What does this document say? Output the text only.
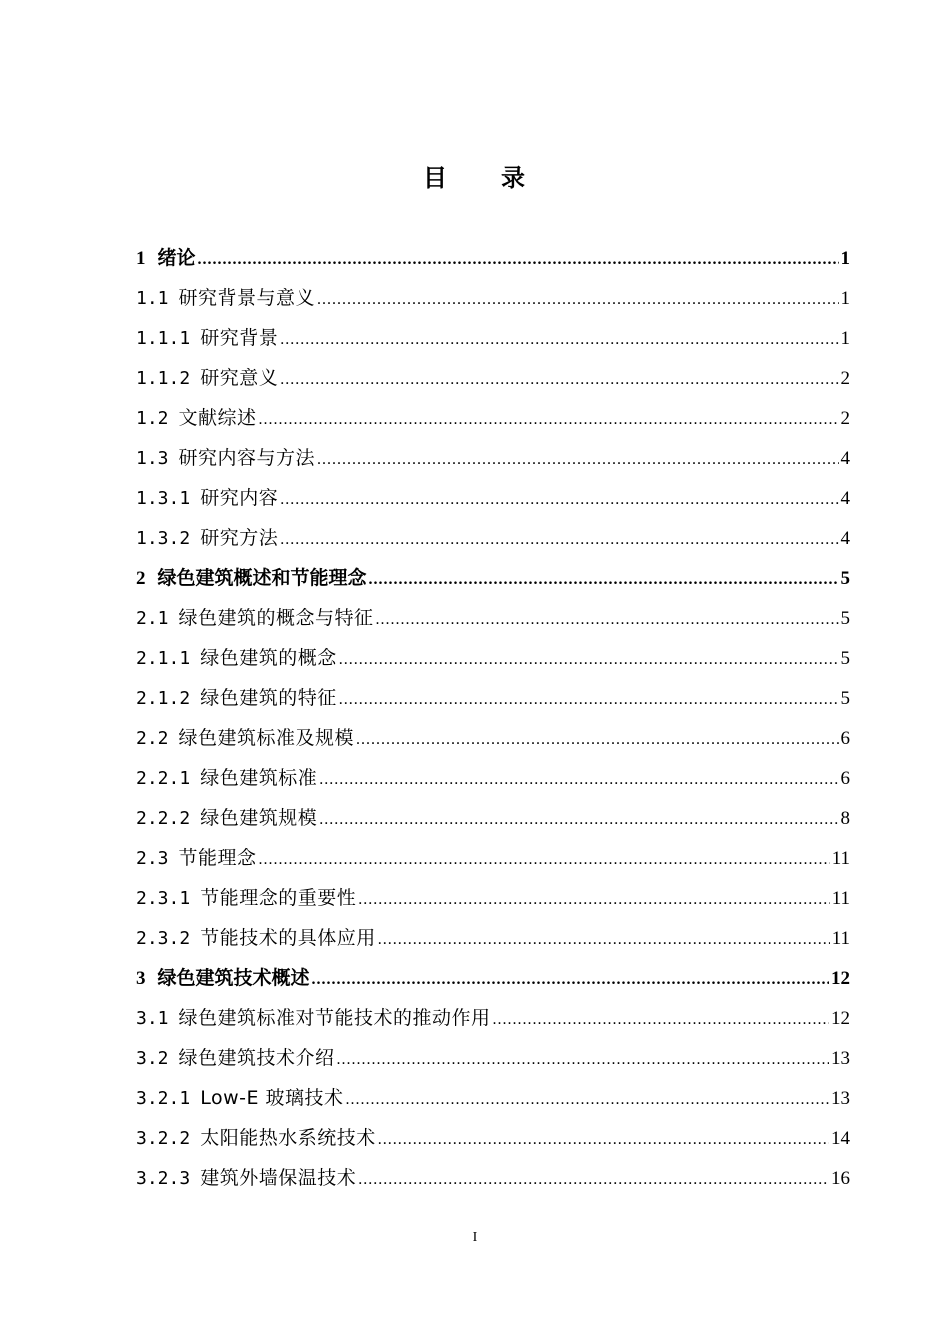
目 录
1 绪论 .....	1
1.1 研究背景与意义 .....	1
1.1.1 研究背景 .....	1
1.1.2 研究意义 .....	2
1.2 文献综述 .....	2
1.3 研究内容与方法 .....	4
1.3.1 研究内容 .....	4
1.3.2 研究方法 .....	4
2 绿色建筑概述和节能理念 .....	5
2.1 绿色建筑的概念与特征 .....	5
2.1.1 绿色建筑的概念 .....	5
2.1.2 绿色建筑的特征 .....	5
2.2 绿色建筑标准及规模 .....	6
2.2.1 绿色建筑标准 .....	6
2.2.2 绿色建筑规模 .....	8
2.3 节能理念 .....	11
2.3.1 节能理念的重要性 .....	11
2.3.2 节能技术的具体应用 .....	11
3 绿色建筑技术概述 .....	12
3.1 绿色建筑标准对节能技术的推动作用 .....	12
3.2 绿色建筑技术介绍 .....	13
3.2.1 Low-E 玻璃技术 .....	13
3.2.2 太阳能热水系统技术 .....	14
3.2.3 建筑外墙保温技术 .....	16
I
